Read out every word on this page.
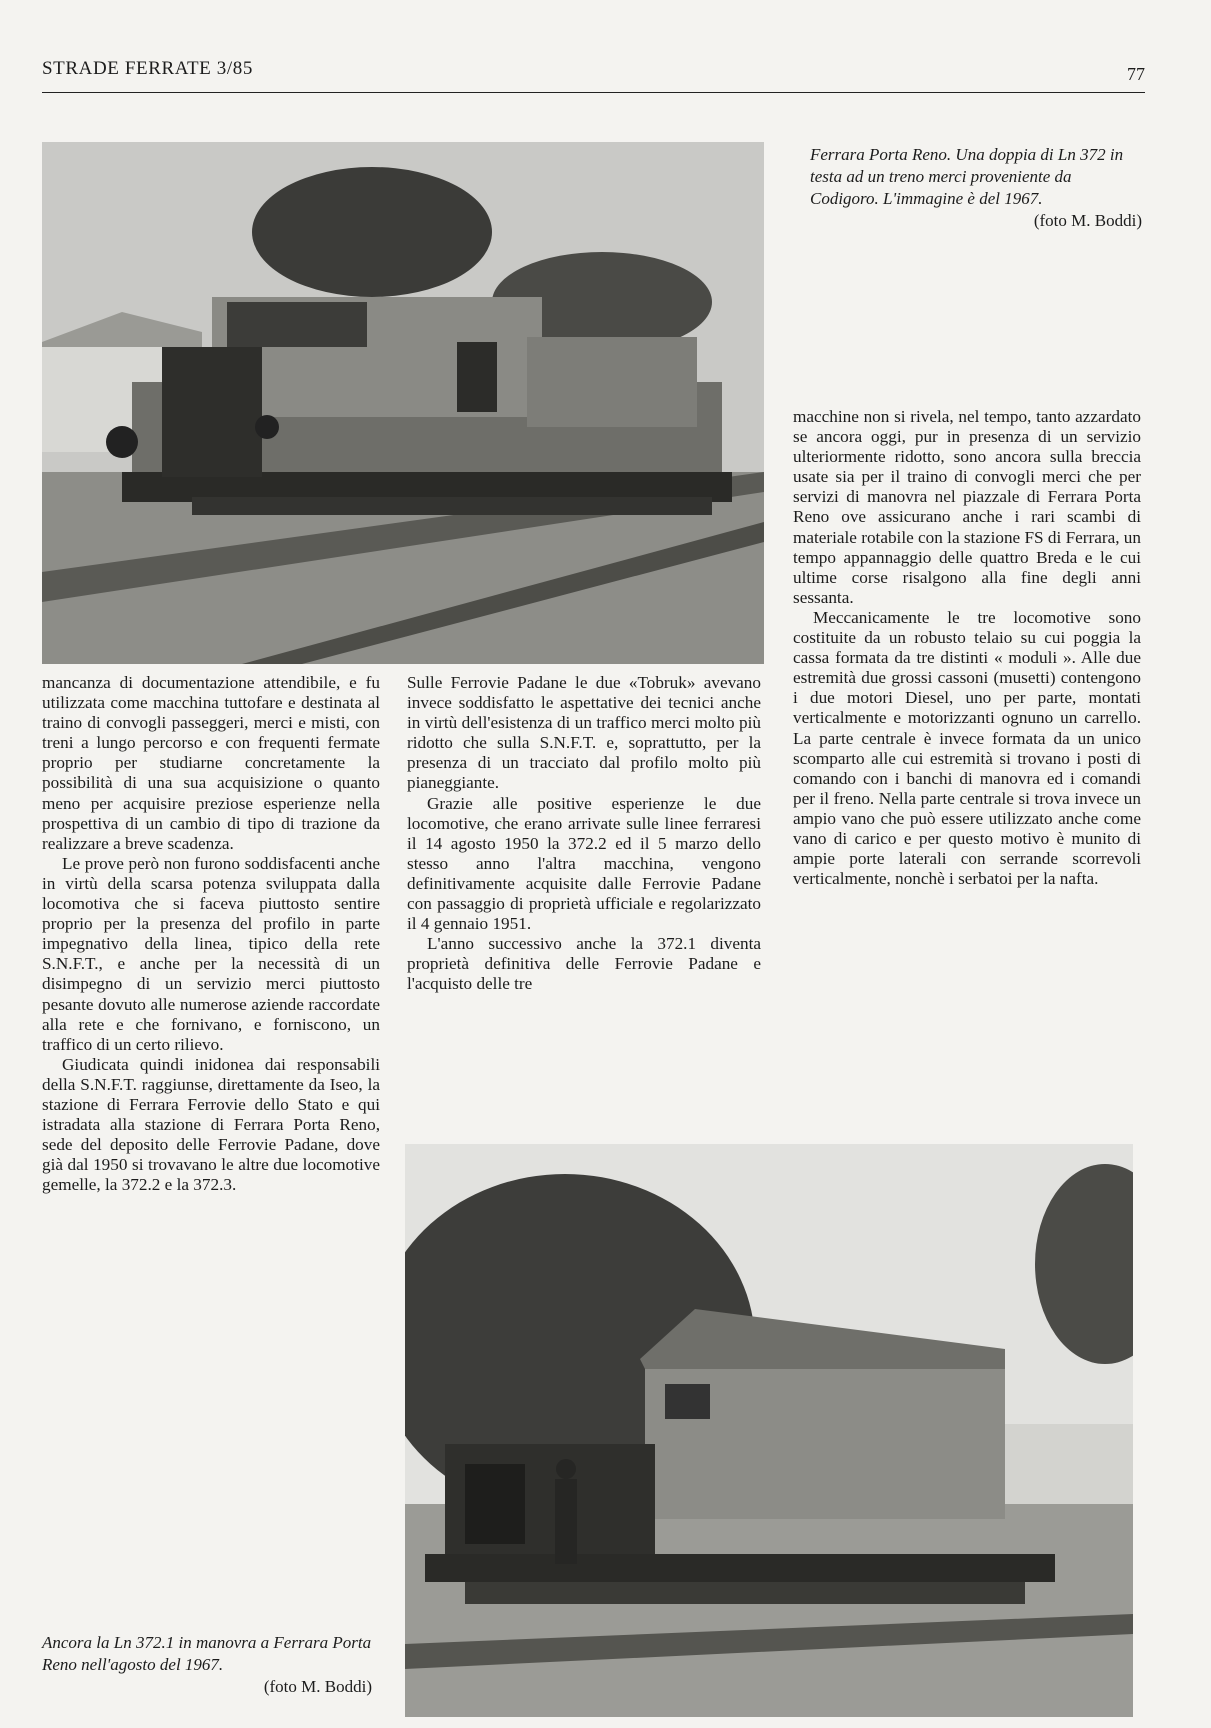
STRADE FERRATE 3/85	77
Ferrara Porta Reno. Una doppia di Ln 372 in testa ad un treno merci proveniente da Codigoro. L'immagine è del 1967.
(foto M. Boddi)

mancanza di documentazione attendibile, e fu utilizzata come macchina tuttofare e destinata al traino di convogli passeggeri, merci e misti, con treni a lungo percorso e con frequenti fermate proprio per studiarne concretamente la possibilità di una sua acquisizione o quanto meno per acquisire preziose esperienze nella prospettiva di un cambio di tipo di trazione da realizzare a breve scadenza.

Le prove però non furono soddisfacenti anche in virtù della scarsa potenza sviluppata dalla locomotiva che si faceva piuttosto sentire proprio per la presenza del profilo in parte impegnativo della linea, tipico della rete S.N.F.T., e anche per la necessità di un disimpegno di un servizio merci piuttosto pesante dovuto alle numerose aziende raccordate alla rete e che fornivano, e forniscono, un traffico di un certo rilievo.

Giudicata quindi inidonea dai responsabili della S.N.F.T. raggiunse, direttamente da Iseo, la stazione di Ferrara Ferrovie dello Stato e qui istradata alla stazione di Ferrara Porta Reno, sede del deposito delle Ferrovie Padane, dove già dal 1950 si trovavano le altre due locomotive gemelle, la 372.2 e la 372.3.

Sulle Ferrovie Padane le due «Tobruk» avevano invece soddisfatto le aspettative dei tecnici anche in virtù dell'esistenza di un traffico merci molto più ridotto che sulla S.N.F.T. e, soprattutto, per la presenza di un tracciato dal profilo molto più pianeggiante.

Grazie alle positive esperienze le due locomotive, che erano arrivate sulle linee ferraresi il 14 agosto 1950 la 372.2 ed il 5 marzo dello stesso anno l'altra macchina, vengono definitivamente acquisite dalle Ferrovie Padane con passaggio di proprietà ufficiale e regolarizzato il 4 gennaio 1951.

L'anno successivo anche la 372.1 diventa proprietà definitiva delle Ferrovie Padane e l'acquisto delle tre

macchine non si rivela, nel tempo, tanto azzardato se ancora oggi, pur in presenza di un servizio ulteriormente ridotto, sono ancora sulla breccia usate sia per il traino di convogli merci che per servizi di manovra nel piazzale di Ferrara Porta Reno ove assicurano anche i rari scambi di materiale rotabile con la stazione FS di Ferrara, un tempo appannaggio delle quattro Breda e le cui ultime corse risalgono alla fine degli anni sessanta.

Meccanicamente le tre locomotive sono costituite da un robusto telaio su cui poggia la cassa formata da tre distinti « moduli ». Alle due estremità due grossi cassoni (musetti) contengono i due motori Diesel, uno per parte, montati verticalmente e motorizzanti ognuno un carrello. La parte centrale è invece formata da un unico scomparto alle cui estremità si trovano i posti di comando con i banchi di manovra ed i comandi per il freno. Nella parte centrale si trova invece un ampio vano che può essere utilizzato anche come vano di carico e per questo motivo è munito di ampie porte laterali con serrande scorrevoli verticalmente, nonchè i serbatoi per la nafta.

Ancora la Ln 372.1 in manovra a Ferrara Porta Reno nell'agosto del 1967.
(foto M. Boddi)
